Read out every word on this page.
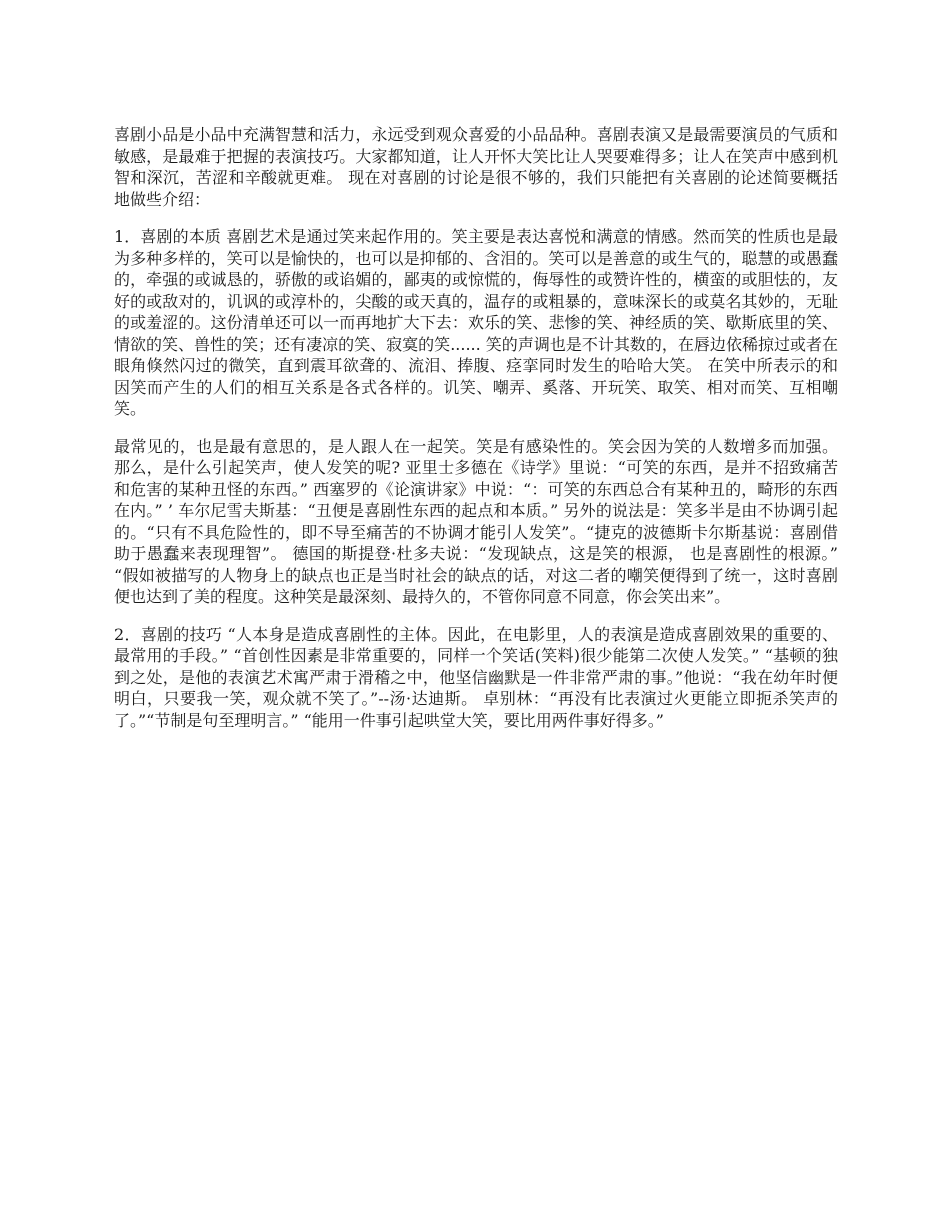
喜剧小品是小品中充满智慧和活力，永远受到观众喜爱的小品品种。喜剧表演又是最需要演员的气质和敏感，是最难于把握的表演技巧。大家都知道，让人开怀大笑比让人哭要难得多；让人在笑声中感到机智和深沉，苦涩和辛酸就更难。 现在对喜剧的讨论是很不够的，我们只能把有关喜剧的论述简要概括地做些介绍：

1．喜剧的本质 喜剧艺术是通过笑来起作用的。笑主要是表达喜悦和满意的情感。然而笑的性质也是最为多种多样的，笑可以是愉快的，也可以是抑郁的、含泪的。笑可以是善意的或生气的，聪慧的或愚蠢的，牵强的或诚恳的，骄傲的或谄媚的，鄙夷的或惊慌的，侮辱性的或赞许性的，横蛮的或胆怯的，友好的或敌对的，讥讽的或淳朴的，尖酸的或天真的，温存的或粗暴的，意味深长的或莫名其妙的，无耻的或羞涩的。这份清单还可以一而再地扩大下去：欢乐的笑、悲惨的笑、神经质的笑、歇斯底里的笑、情欲的笑、兽性的笑；还有凄凉的笑、寂寞的笑...... 笑的声调也是不计其数的，在唇边依稀掠过或者在眼角倏然闪过的微笑，直到震耳欲聋的、流泪、捧腹、痉挛同时发生的哈哈大笑。 在笑中所表示的和因笑而产生的人们的相互关系是各式各样的。讥笑、嘲弄、奚落、开玩笑、取笑、相对而笑、互相嘲笑。

最常见的，也是最有意思的，是人跟人在一起笑。笑是有感染性的。笑会因为笑的人数增多而加强。 那么，是什么引起笑声，使人发笑的呢? 亚里士多德在《诗学》里说：“可笑的东西，是并不招致痛苦和危害的某种丑怪的东西。” 西塞罗的《论演讲家》中说：“：可笑的东西总合有某种丑的，畸形的东西在内。” ’ 车尔尼雪夫斯基：“丑便是喜剧性东西的起点和本质。” 另外的说法是：笑多半是由不协调引起的。“只有不具危险性的，即不导至痛苦的不协调才能引人发笑”。“捷克的波德斯卡尔斯基说：喜剧借助于愚蠢来表现理智”。 德国的斯提登·杜多夫说：“发现缺点，这是笑的根源， 也是喜剧性的根源。” “假如被描写的人物身上的缺点也正是当时社会的缺点的话，对这二者的嘲笑便得到了统一，这时喜剧便也达到了美的程度。这种笑是最深刻、最持久的，不管你同意不同意，你会笑出来”。

2．喜剧的技巧 “人本身是造成喜剧性的主体。因此，在电影里，人的表演是造成喜剧效果的重要的、最常用的手段。” “首创性因素是非常重要的，同样一个笑话(笑料)很少能第二次使人发笑。” “基顿的独到之处，是他的表演艺术寓严肃于滑稽之中，他坚信幽默是一件非常严肃的事。”他说：“我在幼年时便明白，只要我一笑，观众就不笑了。”--汤·达迪斯。 卓别林：“再没有比表演过火更能立即扼杀笑声的了。”“节制是句至理明言。” “能用一件事引起哄堂大笑，要比用两件事好得多。”
